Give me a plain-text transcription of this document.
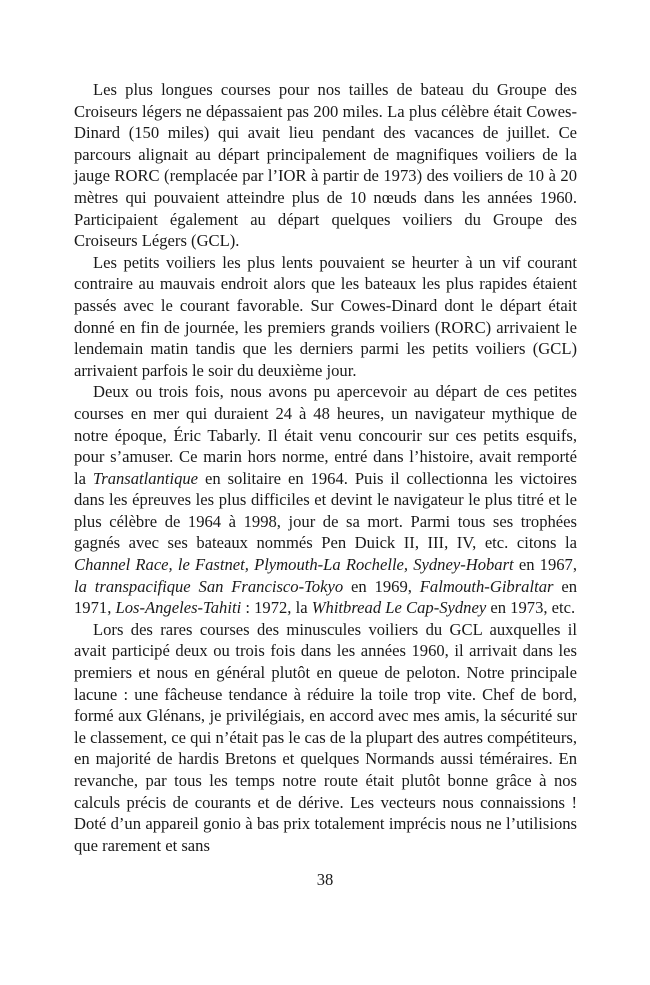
Les plus longues courses pour nos tailles de bateau du Groupe des Croiseurs légers ne dépassaient pas 200 miles. La plus célèbre était Cowes-Dinard (150 miles) qui avait lieu pendant des vacances de juillet. Ce parcours alignait au départ principalement de magnifiques voiliers de la jauge RORC (remplacée par l’IOR à partir de 1973) des voiliers de 10 à 20 mètres qui pouvaient atteindre plus de 10 nœuds dans les années 1960. Participaient également au départ quelques voiliers du Groupe des Croiseurs Légers (GCL).

Les petits voiliers les plus lents pouvaient se heurter à un vif courant contraire au mauvais endroit alors que les bateaux les plus rapides étaient passés avec le courant favorable. Sur Cowes-Dinard dont le départ était donné en fin de journée, les premiers grands voiliers (RORC) arrivaient le lendemain matin tandis que les derniers parmi les petits voiliers (GCL) arrivaient parfois le soir du deuxième jour.

Deux ou trois fois, nous avons pu apercevoir au départ de ces petites courses en mer qui duraient 24 à 48 heures, un navigateur mythique de notre époque, Éric Tabarly. Il était venu concourir sur ces petits esquifs, pour s’amuser. Ce marin hors norme, entré dans l’histoire, avait remporté la Transatlantique en solitaire en 1964. Puis il collectionna les victoires dans les épreuves les plus difficiles et devint le navigateur le plus titré et le plus célèbre de 1964 à 1998, jour de sa mort. Parmi tous ses trophées gagnés avec ses bateaux nommés Pen Duick II, III, IV, etc. citons la Channel Race, le Fastnet, Plymouth-La Rochelle, Sydney-Hobart en 1967, la transpacifique San Francisco-Tokyo en 1969, Falmouth-Gibraltar en 1971, Los-Angeles-Tahiti : 1972, la Whitbread Le Cap-Sydney en 1973, etc.

Lors des rares courses des minuscules voiliers du GCL auxquelles il avait participé deux ou trois fois dans les années 1960, il arrivait dans les premiers et nous en général plutôt en queue de peloton. Notre principale lacune : une fâcheuse tendance à réduire la toile trop vite. Chef de bord, formé aux Glénans, je privilégiais, en accord avec mes amis, la sécurité sur le classement, ce qui n’était pas le cas de la plupart des autres compétiteurs, en majorité de hardis Bretons et quelques Normands aussi téméraires. En revanche, par tous les temps notre route était plutôt bonne grâce à nos calculs précis de courants et de dérive. Les vecteurs nous connaissions ! Doté d’un appareil gonio à bas prix totalement imprécis nous ne l’utilisions que rarement et sans

38
